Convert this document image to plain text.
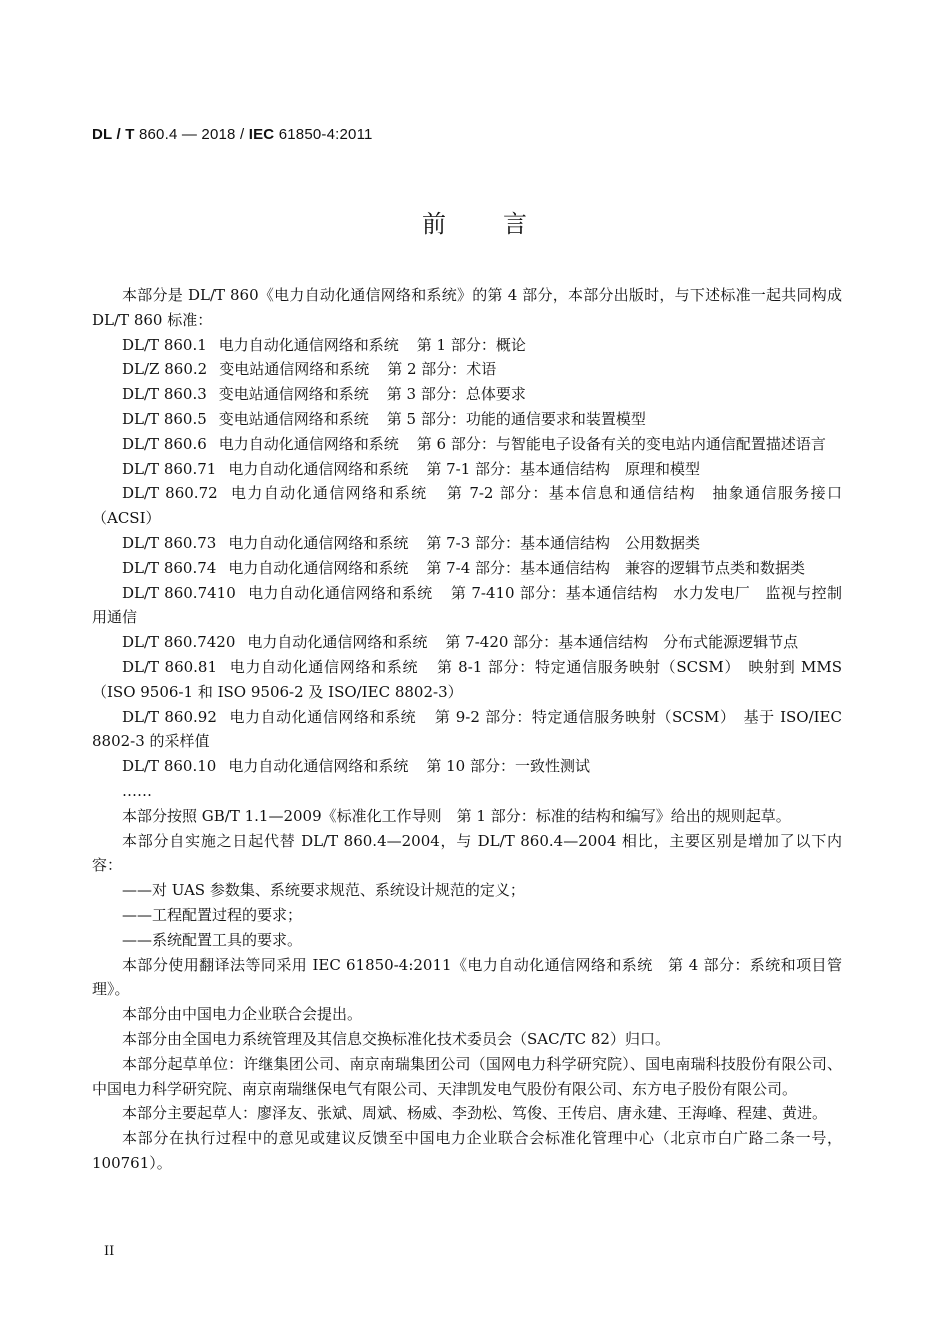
DL / T 860.4 — 2018 / IEC 61850-4:2011
前 言

本部分是 DL/T 860《电力自动化通信网络和系统》的第 4 部分，本部分出版时，与下述标准一起共同构成 DL/T 860 标准：

DL/T 860.1 电力自动化通信网络和系统 第 1 部分：概论

DL/Z 860.2 变电站通信网络和系统 第 2 部分：术语

DL/T 860.3 变电站通信网络和系统 第 3 部分：总体要求

DL/T 860.5 变电站通信网络和系统 第 5 部分：功能的通信要求和装置模型

DL/T 860.6 电力自动化通信网络和系统 第 6 部分：与智能电子设备有关的变电站内通信配置描述语言

DL/T 860.71 电力自动化通信网络和系统 第 7-1 部分：基本通信结构　原理和模型

DL/T 860.72 电力自动化通信网络和系统 第 7-2 部分：基本信息和通信结构　抽象通信服务接口（ACSI）

DL/T 860.73 电力自动化通信网络和系统 第 7-3 部分：基本通信结构　公用数据类

DL/T 860.74 电力自动化通信网络和系统 第 7-4 部分：基本通信结构　兼容的逻辑节点类和数据类

DL/T 860.7410 电力自动化通信网络和系统 第 7-410 部分：基本通信结构　水力发电厂　监视与控制用通信

DL/T 860.7420 电力自动化通信网络和系统 第 7-420 部分：基本通信结构　分布式能源逻辑节点

DL/T 860.81 电力自动化通信网络和系统 第 8-1 部分：特定通信服务映射（SCSM）　映射到 MMS（ISO 9506-1 和 ISO 9506-2 及 ISO/IEC 8802-3）

DL/T 860.92 电力自动化通信网络和系统 第 9-2 部分：特定通信服务映射（SCSM）　基于 ISO/IEC 8802-3 的采样值

DL/T 860.10 电力自动化通信网络和系统 第 10 部分：一致性测试

……

本部分按照 GB/T 1.1—2009《标准化工作导则　第 1 部分：标准的结构和编写》给出的规则起草。

本部分自实施之日起代替 DL/T 860.4—2004，与 DL/T 860.4—2004 相比，主要区别是增加了以下内容：

——对 UAS 参数集、系统要求规范、系统设计规范的定义；

——工程配置过程的要求；

——系统配置工具的要求。

本部分使用翻译法等同采用 IEC 61850-4:2011《电力自动化通信网络和系统　第 4 部分：系统和项目管理》。

本部分由中国电力企业联合会提出。

本部分由全国电力系统管理及其信息交换标准化技术委员会（SAC/TC 82）归口。

本部分起草单位：许继集团公司、南京南瑞集团公司（国网电力科学研究院）、国电南瑞科技股份有限公司、中国电力科学研究院、南京南瑞继保电气有限公司、天津凯发电气股份有限公司、东方电子股份有限公司。

本部分主要起草人：廖泽友、张斌、周斌、杨威、李劲松、笃俊、王传启、唐永建、王海峰、程建、黄进。

本部分在执行过程中的意见或建议反馈至中国电力企业联合会标准化管理中心（北京市白广路二条一号，100761）。

II
